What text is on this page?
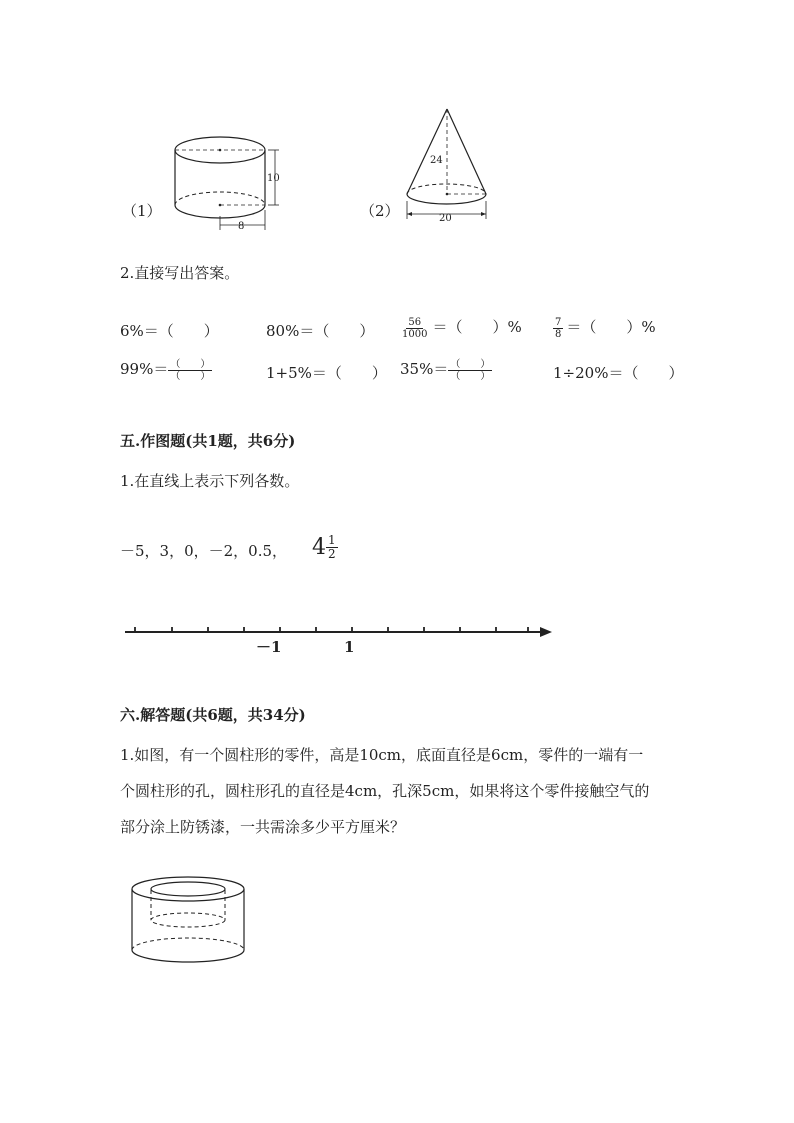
（1）
10
8
（2）
24
20
2.直接写出答案。
6%＝（　　）	80%＝（　　）	$\frac{56}{1000}$ ＝（　　）%	$\frac{7}{8}$ ＝（　　）%
$99\%= \frac{( )}{( )}$	1+5%＝（　　） $35\%= \frac{( )}{( )}$	1÷20%＝（　　）
五.作图题(共1题，共6分)
1.在直线上表示下列各数。
－5，3，0，－2，0.5， $4 \frac{1}{2}$
－1	1
六.解答题(共6题，共34分)
1.如图，有一个圆柱形的零件，高是10cm，底面直径是6cm，零件的一端有一
个圆柱形的孔，圆柱形孔的直径是4cm，孔深5cm，如果将这个零件接触空气的
部分涂上防锈漆，一共需涂多少平方厘米？
